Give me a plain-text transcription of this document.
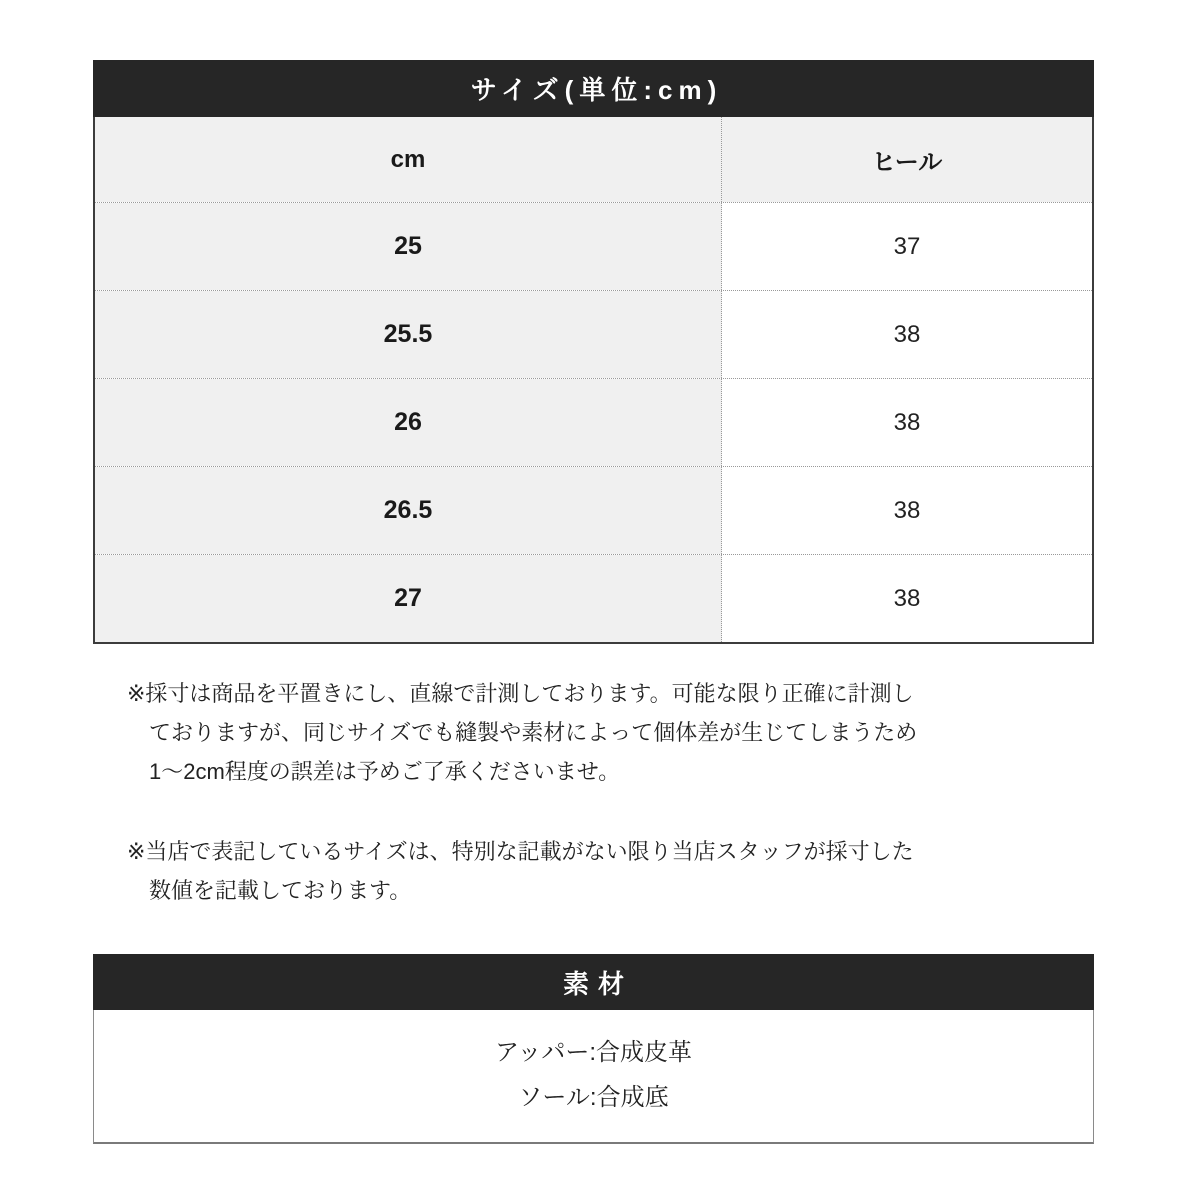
サイズ(単位:cm)
cm	ヒール
25	37
25.5	38
26	38
26.5	38
27	38
※採寸は商品を平置きにし、直線で計測しております。可能な限り正確に計測し
ておりますが、同じサイズでも縫製や素材によって個体差が生じてしまうため
1〜2cm程度の誤差は予めご了承くださいませ。
※当店で表記しているサイズは、特別な記載がない限り当店スタッフが採寸した
数値を記載しております。
素材
アッパー:合成皮革
ソール:合成底
